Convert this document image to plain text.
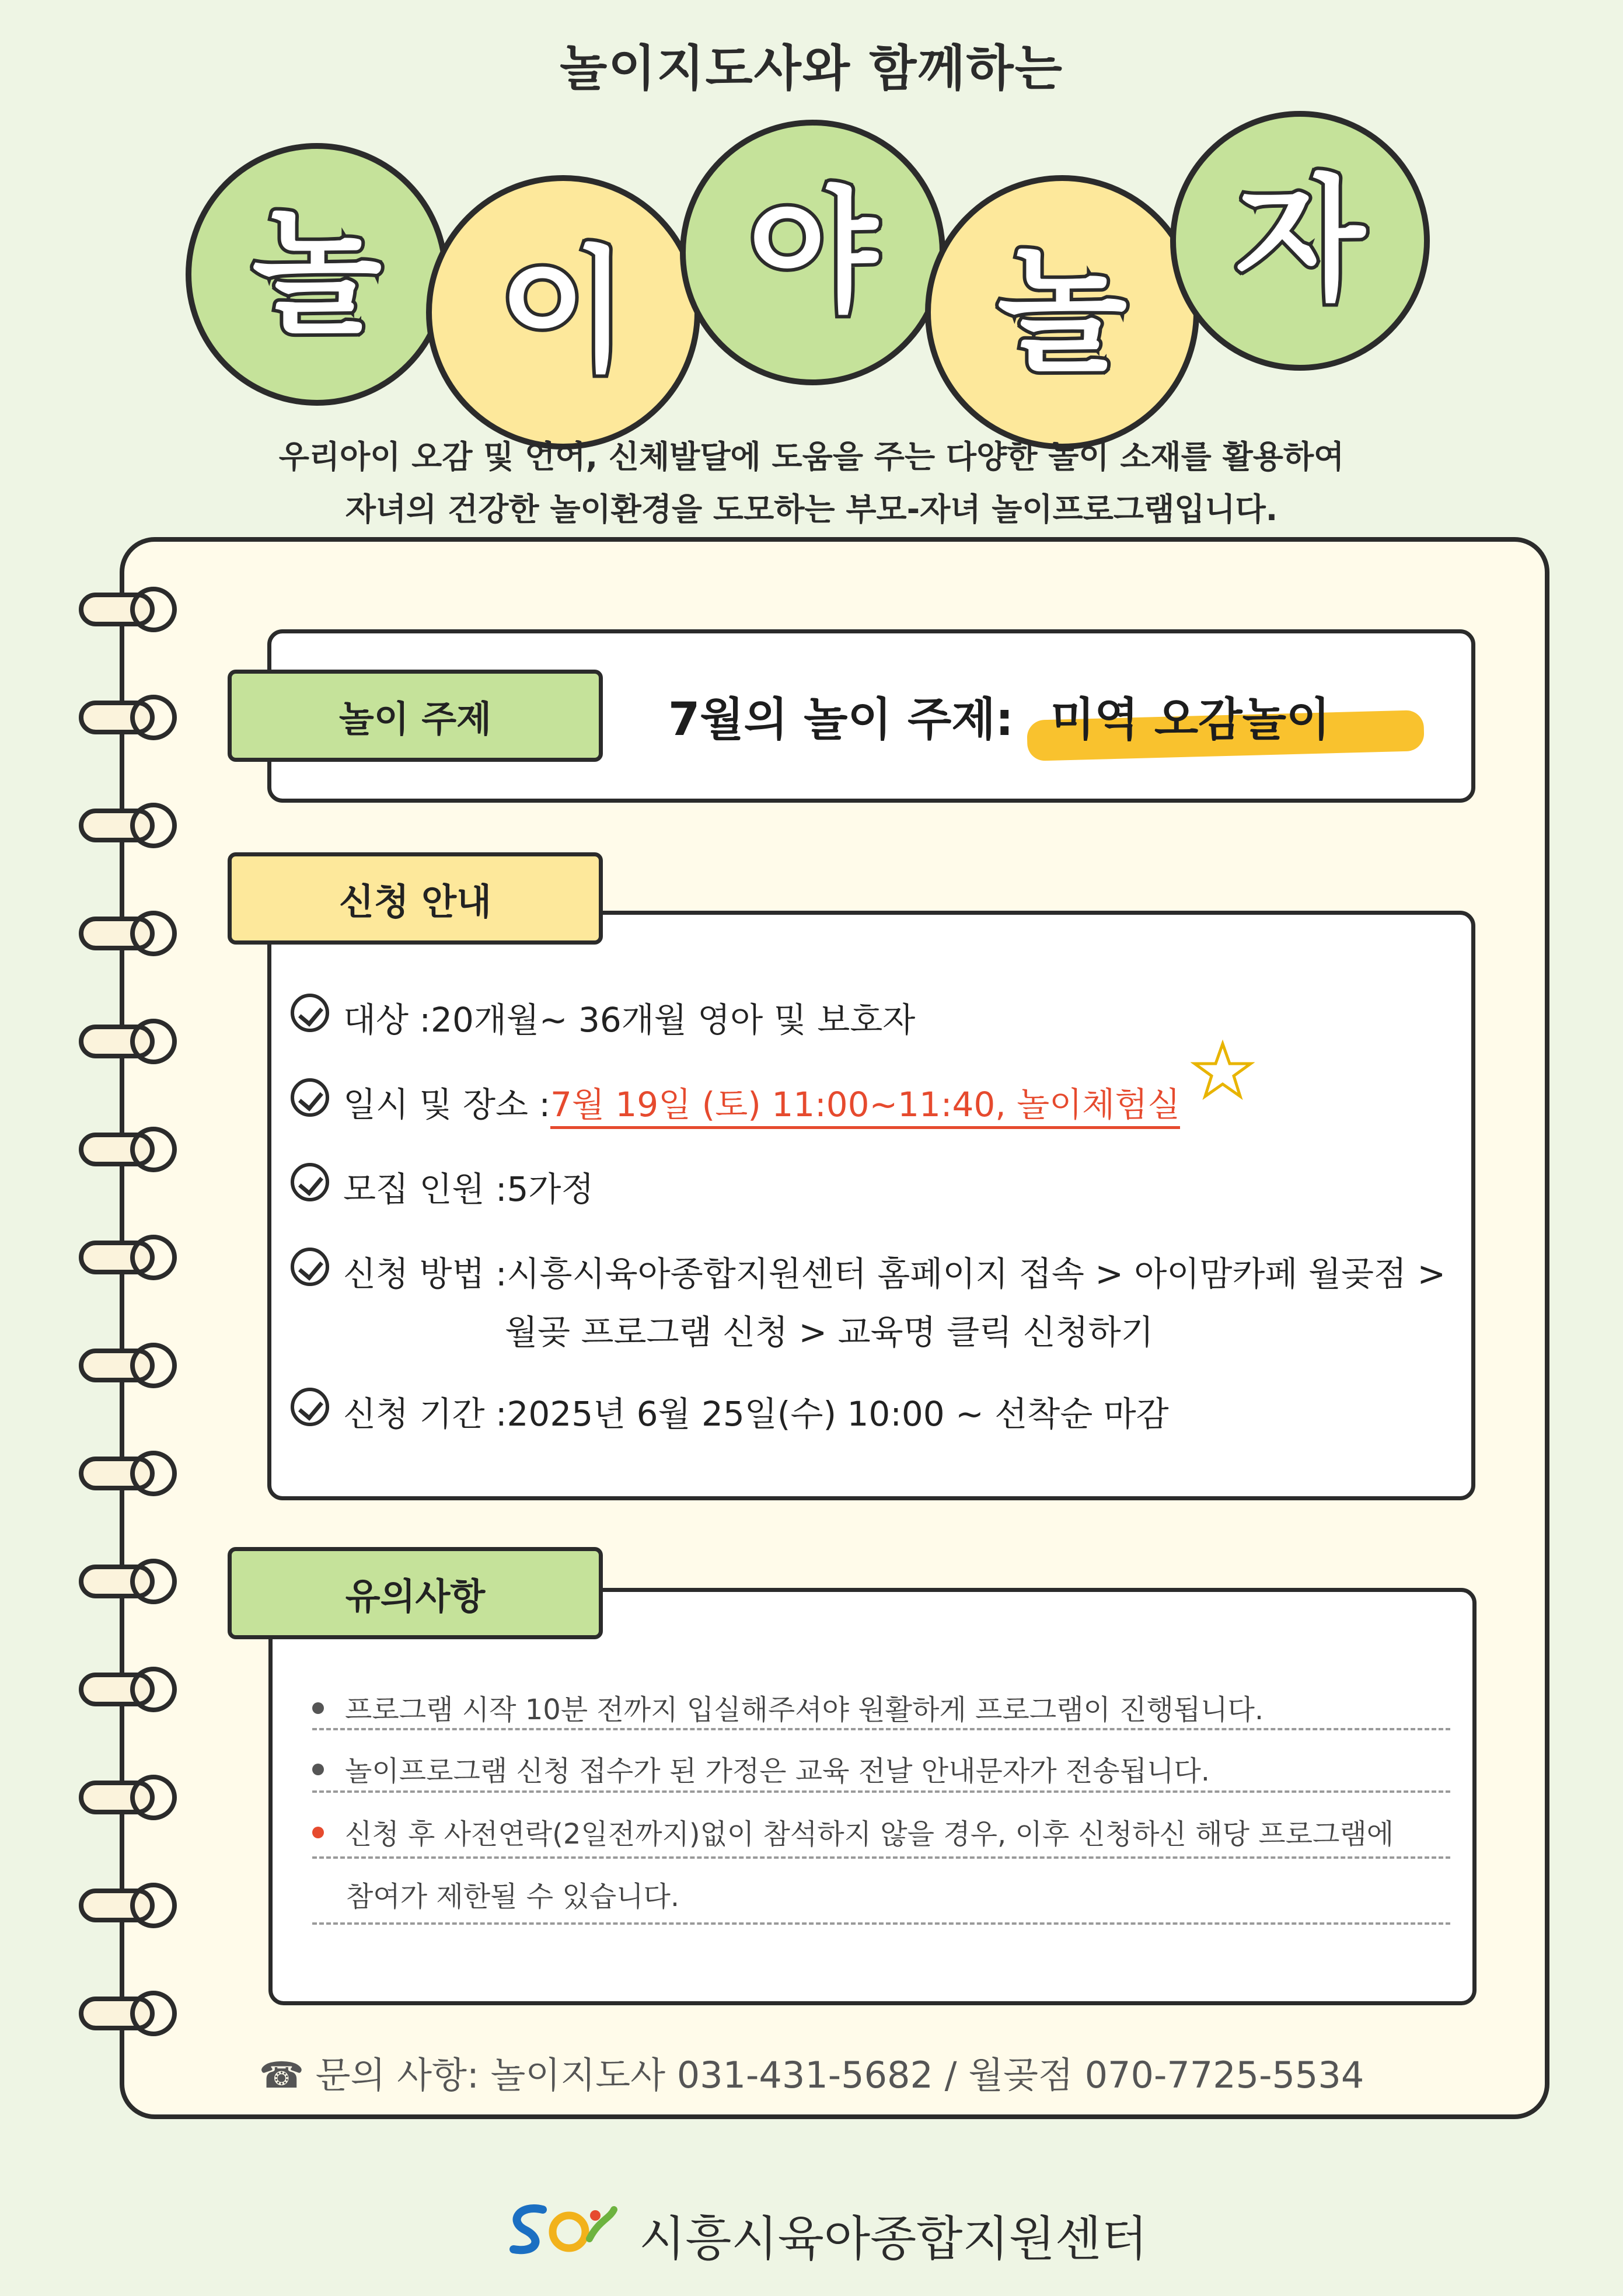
놀이지도사와 함께하는
놀 이 야 놀 자
우리아이 오감 및 언어, 신체발달에 도움을 주는 다양한 놀이 소재를 활용하여
자녀의 건강한 놀이환경을 도모하는 부모-자녀 놀이프로그램입니다.
놀이 주제	7월의 놀이 주제: 미역 오감놀이
신청 안내
대상 : 20개월~ 36개월 영아 및 보호자
일시 및 장소 : 7월 19일 (토) 11:00~11:40, 놀이체험실
모집 인원 : 5가정
신청 방법 : 시흥시육아종합지원센터 홈페이지 접속 > 아이맘카페 월곶점 >
월곶 프로그램 신청 > 교육명 클릭 신청하기
신청 기간 : 2025년 6월 25일(수) 10:00 ~ 선착순 마감
유의사항
프로그램 시작 10분 전까지 입실해주셔야 원활하게 프로그램이 진행됩니다.
놀이프로그램 신청 접수가 된 가정은 교육 전날 안내문자가 전송됩니다.
신청 후 사전연락(2일전까지)없이 참석하지 않을 경우, 이후 신청하신 해당 프로그램에
참여가 제한될 수 있습니다.
☎ 문의 사항: 놀이지도사 031-431-5682 / 월곶점 070-7725-5534
시흥시육아종합지원센터
